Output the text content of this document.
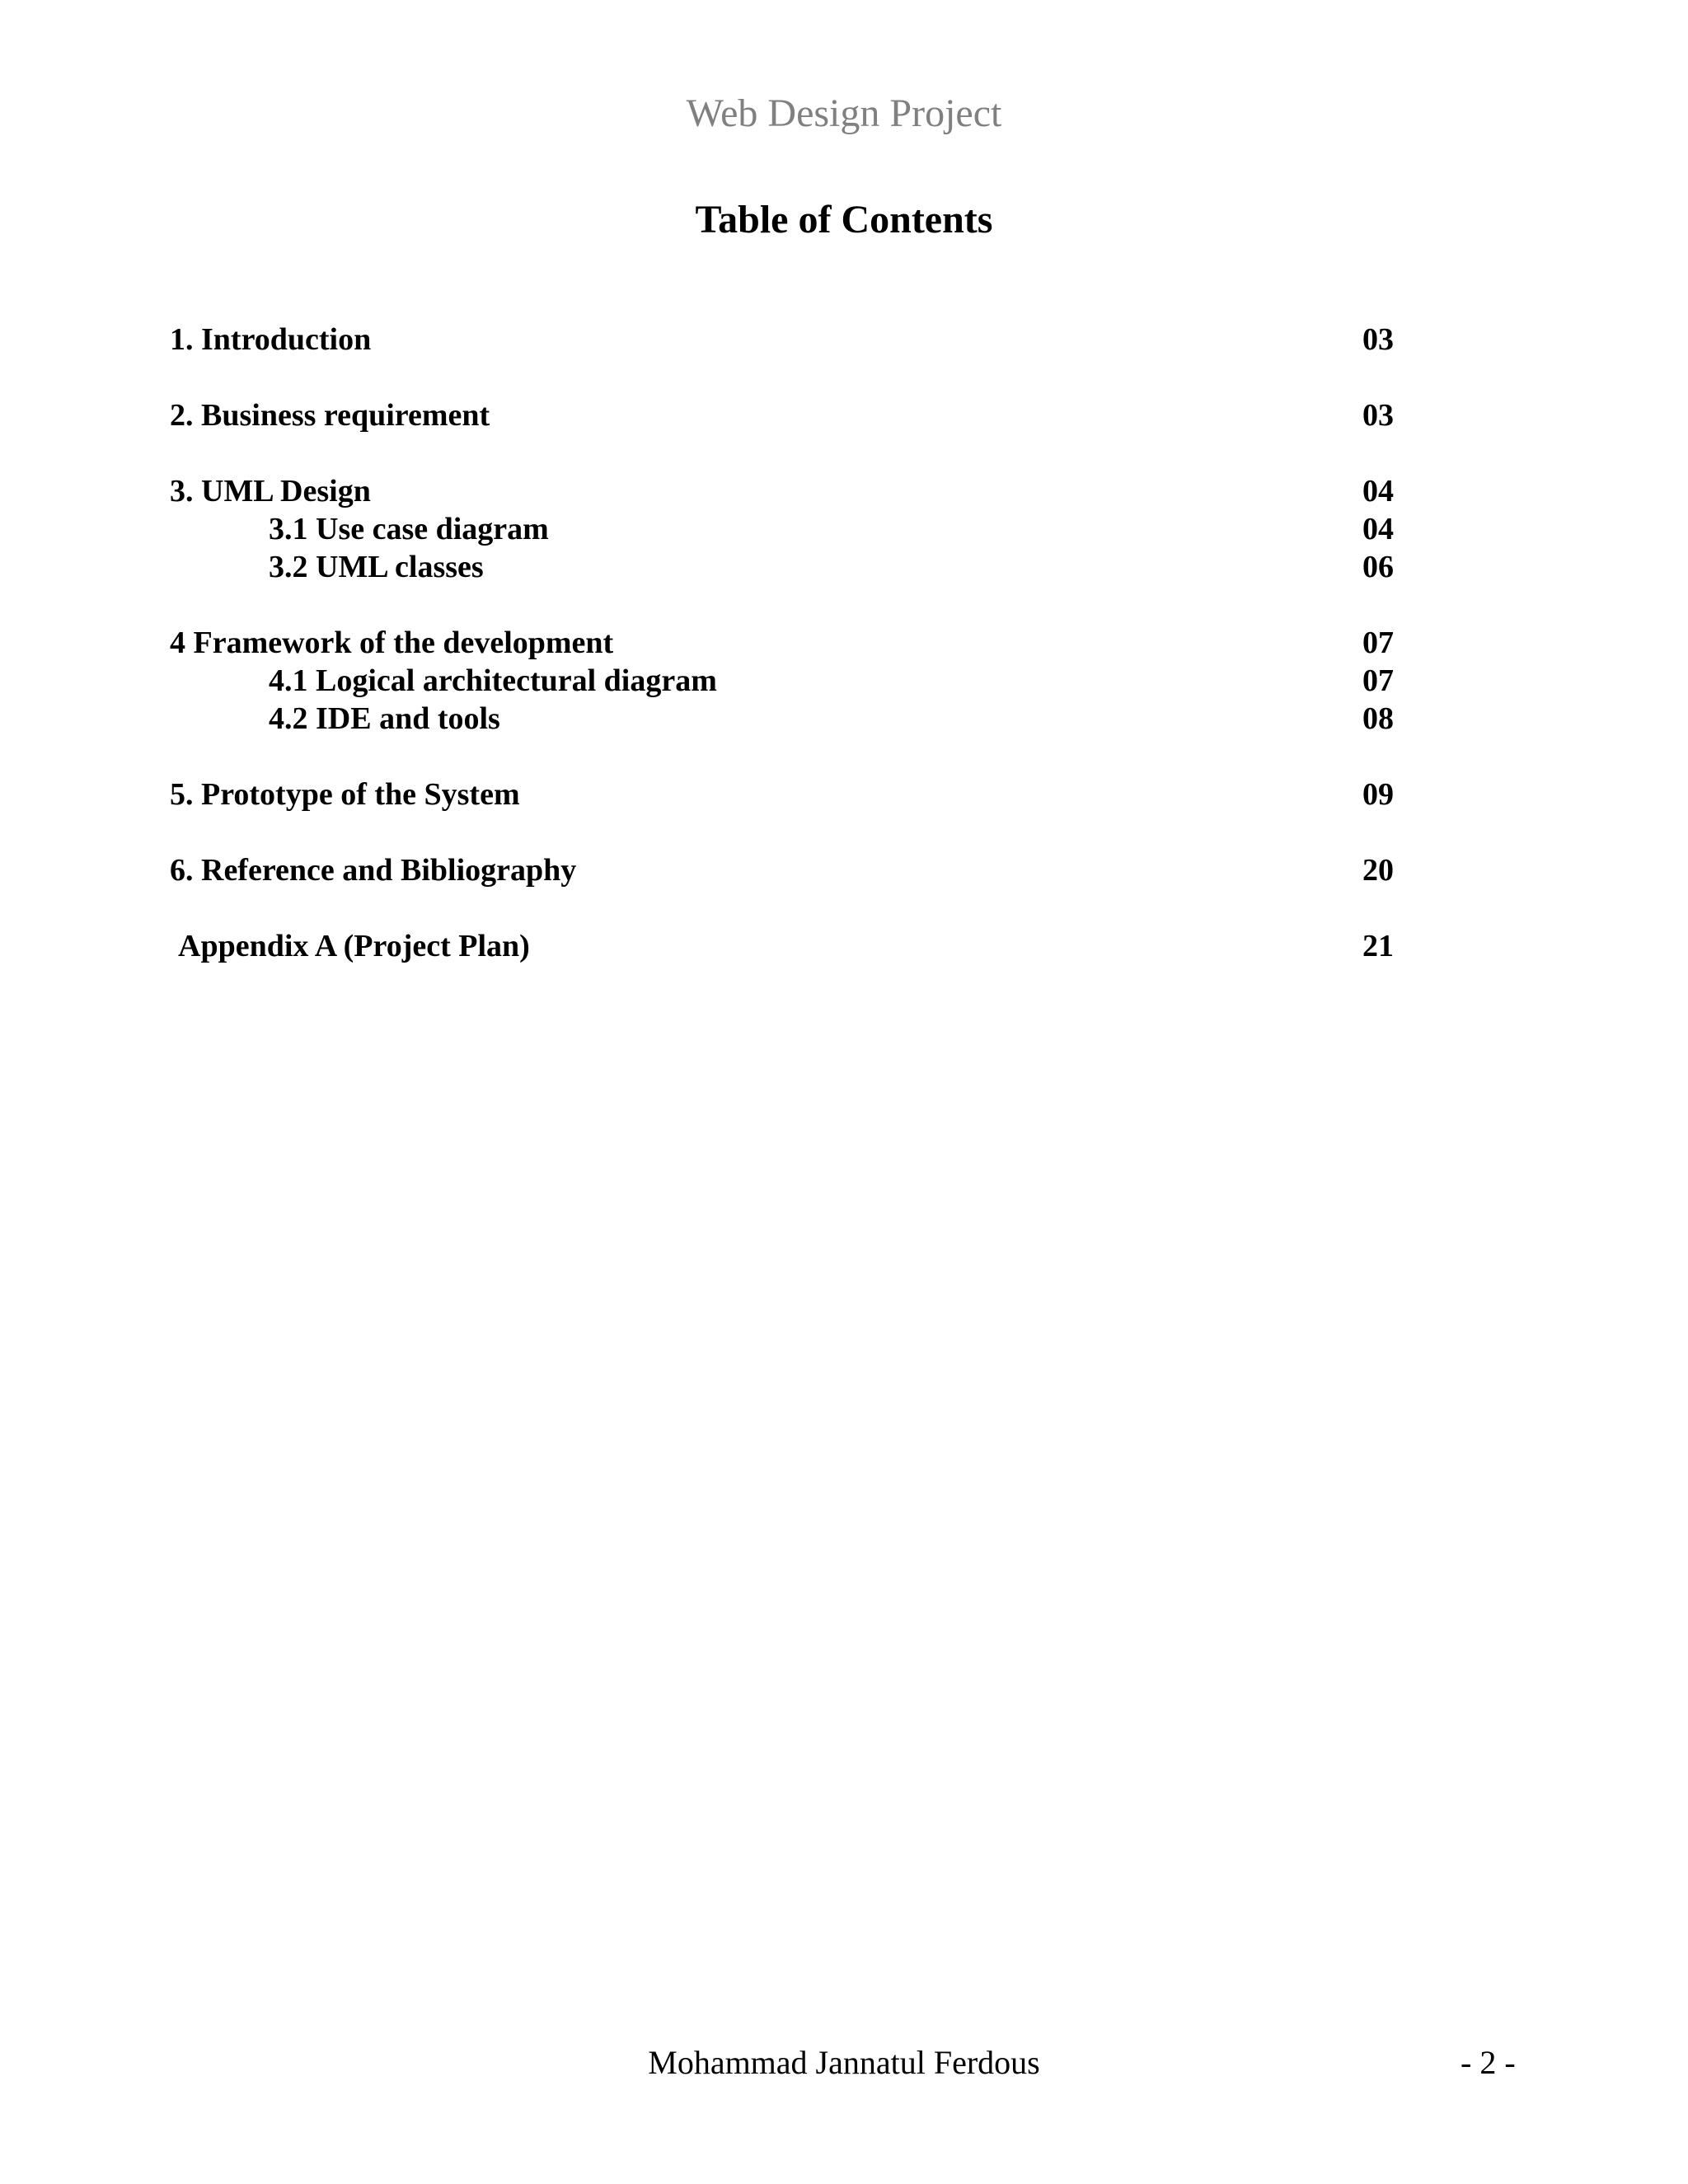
Web Design Project
Table of Contents
1. Introduction	03
2. Business requirement	03
3. UML Design	04
3.1 Use case diagram	04
3.2 UML classes	06
4 Framework of the development	07
4.1 Logical architectural diagram	07
4.2 IDE and tools	08
5. Prototype of the System	09
6. Reference and Bibliography	20
Appendix A (Project Plan)	21
Mohammad Jannatul Ferdous	- 2 -
